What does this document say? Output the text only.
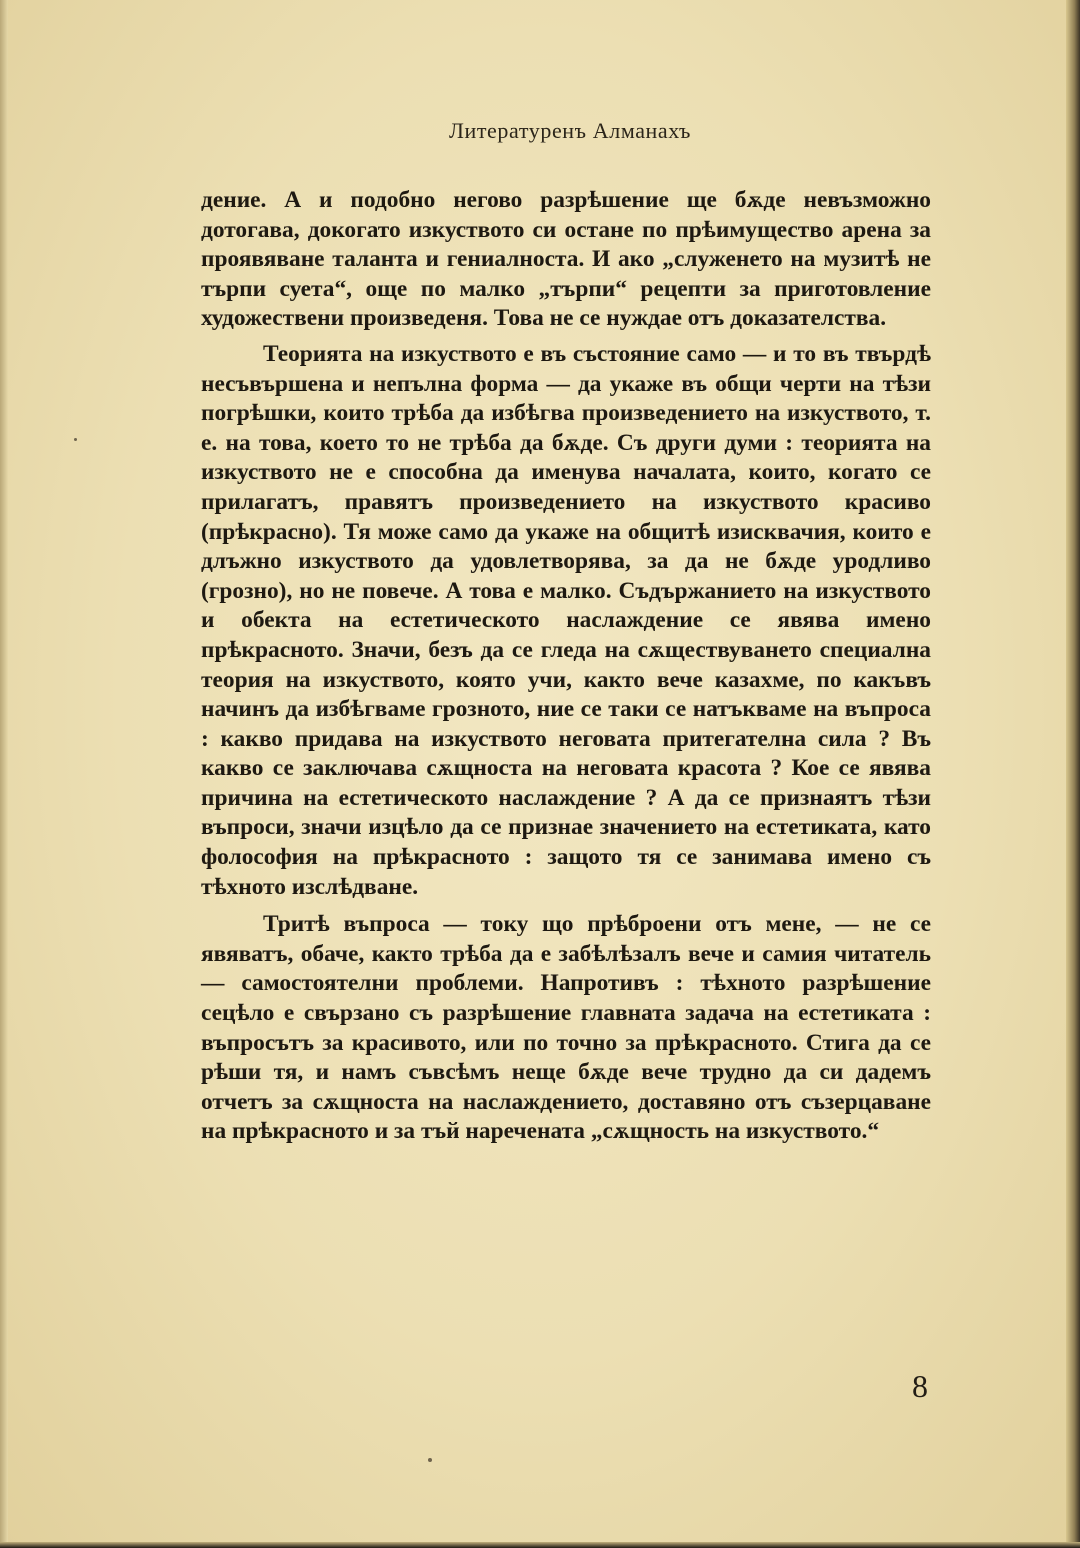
Литературенъ Алманахъ

дение. А и подобно негово разрѣшение ще бѫде невъзможно дотогава, докогато изкуството си остане по прѣимущество арена за проявяване таланта и гениалноста. И ако „служенето на музитѣ не търпи суета“, още по малко „търпи“ рецепти за приготовление художествени произведеня. Това не се нуждае отъ доказателства.

Теорията на изкуството е въ състояние само — и то въ твърдѣ несъвършена и непълна форма — да укаже въ общи черти на тѣзи погрѣшки, които трѣба да избѣгва произведението на изкуството, т. е. на това, което то не трѣба да бѫде. Съ други думи : теорията на изкуството не е способна да именува началата, които, когато се прилагатъ, правятъ произведението на изкуството красиво (прѣкрасно). Тя може само да укаже на общитѣ изисквачия, които е длъжно изкуството да удовлетворява, за да не бѫде уродливо (грозно), но не повече. А това е малко. Съдържанието на изкуството и обекта на естетическото наслаждение се явява имено прѣкрасното. Значи, безъ да се гледа на сѫществуването специална теория на изкуството, която учи, както вече казахме, по какъвъ начинъ да избѣгваме грозното, ние се таки се натъкваме на въпроса : какво придава на изкуството неговата притегателна сила ? Въ какво се заключава сѫщноста на неговата красота ? Кое се явява причина на естетическото наслаждение ? А да се признаятъ тѣзи въпроси, значи изцѣло да се признае значението на естетиката, като фолософия на прѣкрасното : защото тя се занимава имено съ тѣхното изслѣдване.

Тритѣ въпроса — току що прѣброени отъ мене, — не се явяватъ, обаче, както трѣба да е забѣлѣзалъ вече и самия читатель — самостоятелни проблеми. Напротивъ : тѣхното разрѣшение сецѣло е свързано съ разрѣшение главната задача на естетиката : въпросътъ за красивото, или по точно за прѣкрасното. Стига да се рѣши тя, и намъ съвсѣмъ неще бѫде вече трудно да си дадемъ отчетъ за сѫщноста на наслаждението, доставяно отъ съзерцаване на прѣкрасното и за тъй наречената „сѫщность на изкуството.“

8
